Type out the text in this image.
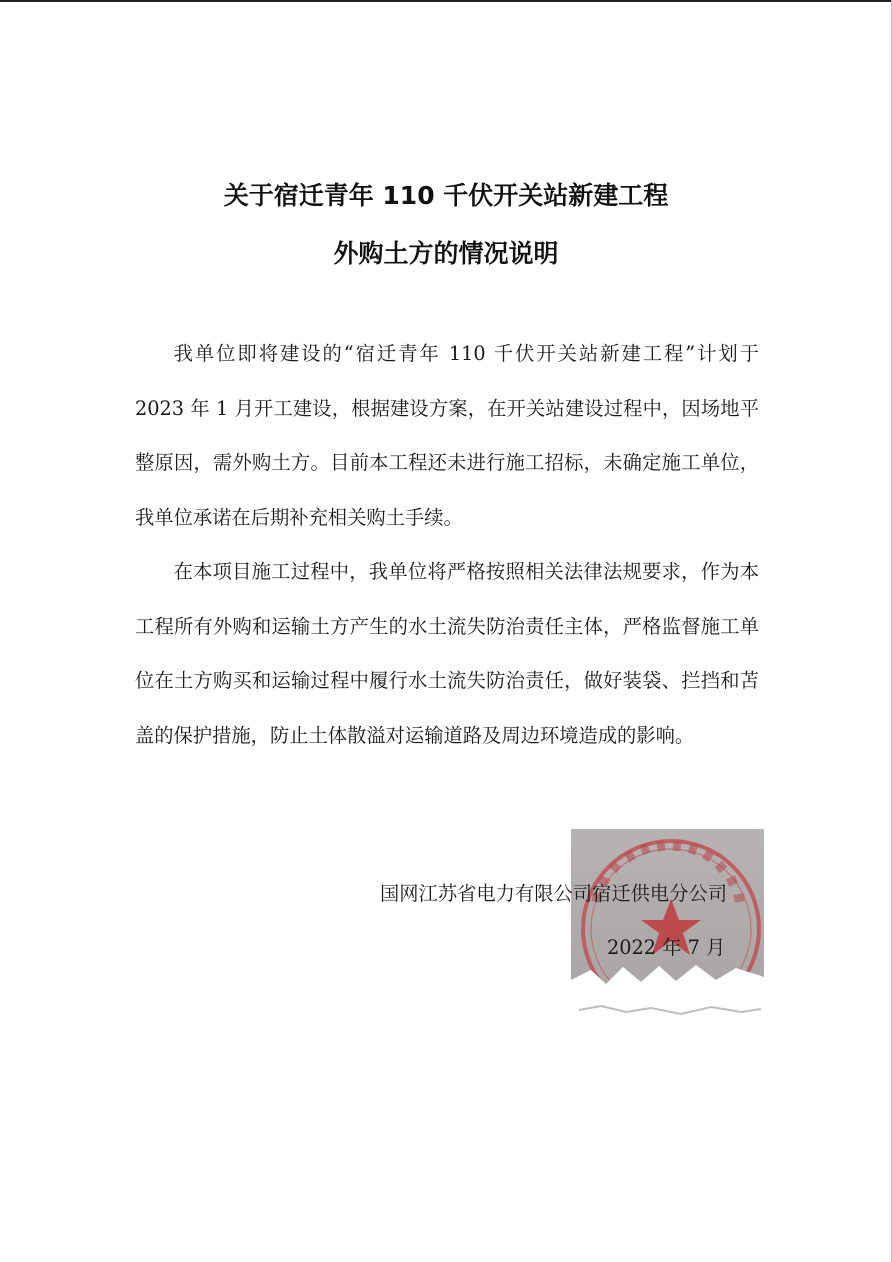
关于宿迁青年 110 千伏开关站新建工程
外购土方的情况说明

我单位即将建设的“宿迁青年 110 千伏开关站新建工程”计划于 2023 年 1 月开工建设，根据建设方案，在开关站建设过程中，因场地平整原因，需外购土方。目前本工程还未进行施工招标，未确定施工单位，我单位承诺在后期补充相关购土手续。

在本项目施工过程中，我单位将严格按照相关法律法规要求，作为本工程所有外购和运输土方产生的水土流失防治责任主体，严格监督施工单位在土方购买和运输过程中履行水土流失防治责任，做好装袋、拦挡和苫盖的保护措施，防止土体散溢对运输道路及周边环境造成的影响。

国网江苏省电力有限公司宿迁供电分公司
2022 年 7 月
